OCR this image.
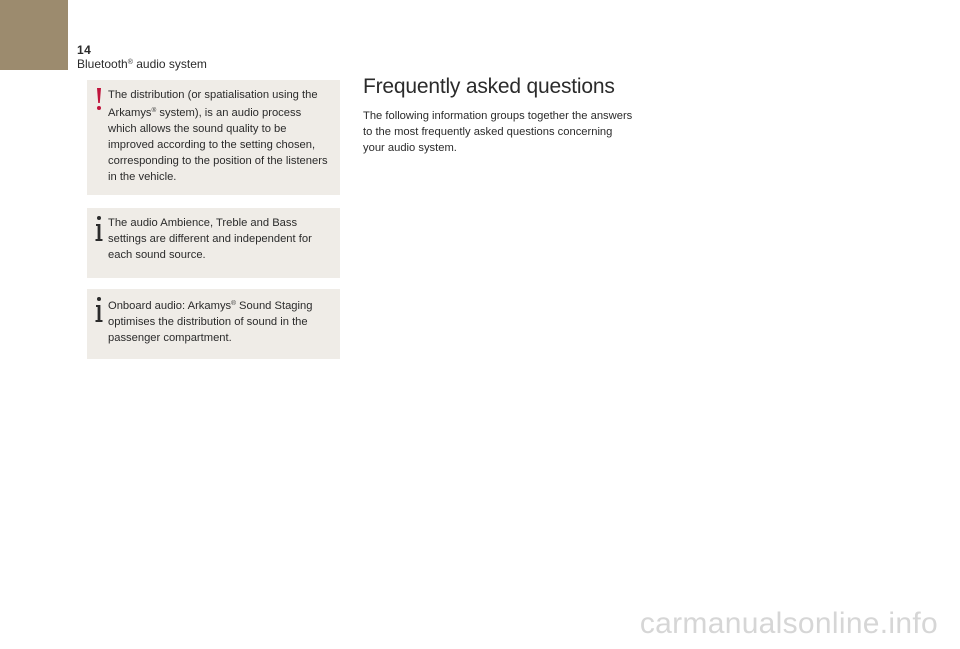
14
Bluetooth® audio system
The distribution (or spatialisation using the Arkamys® system), is an audio process which allows the sound quality to be improved according to the setting chosen, corresponding to the position of the listeners in the vehicle.
The audio Ambience, Treble and Bass settings are different and independent for each sound source.
Onboard audio: Arkamys® Sound Staging optimises the distribution of sound in the passenger compartment.
Frequently asked questions

The following information groups together the answers to the most frequently asked questions concerning your audio system.

carmanualsonline.info
